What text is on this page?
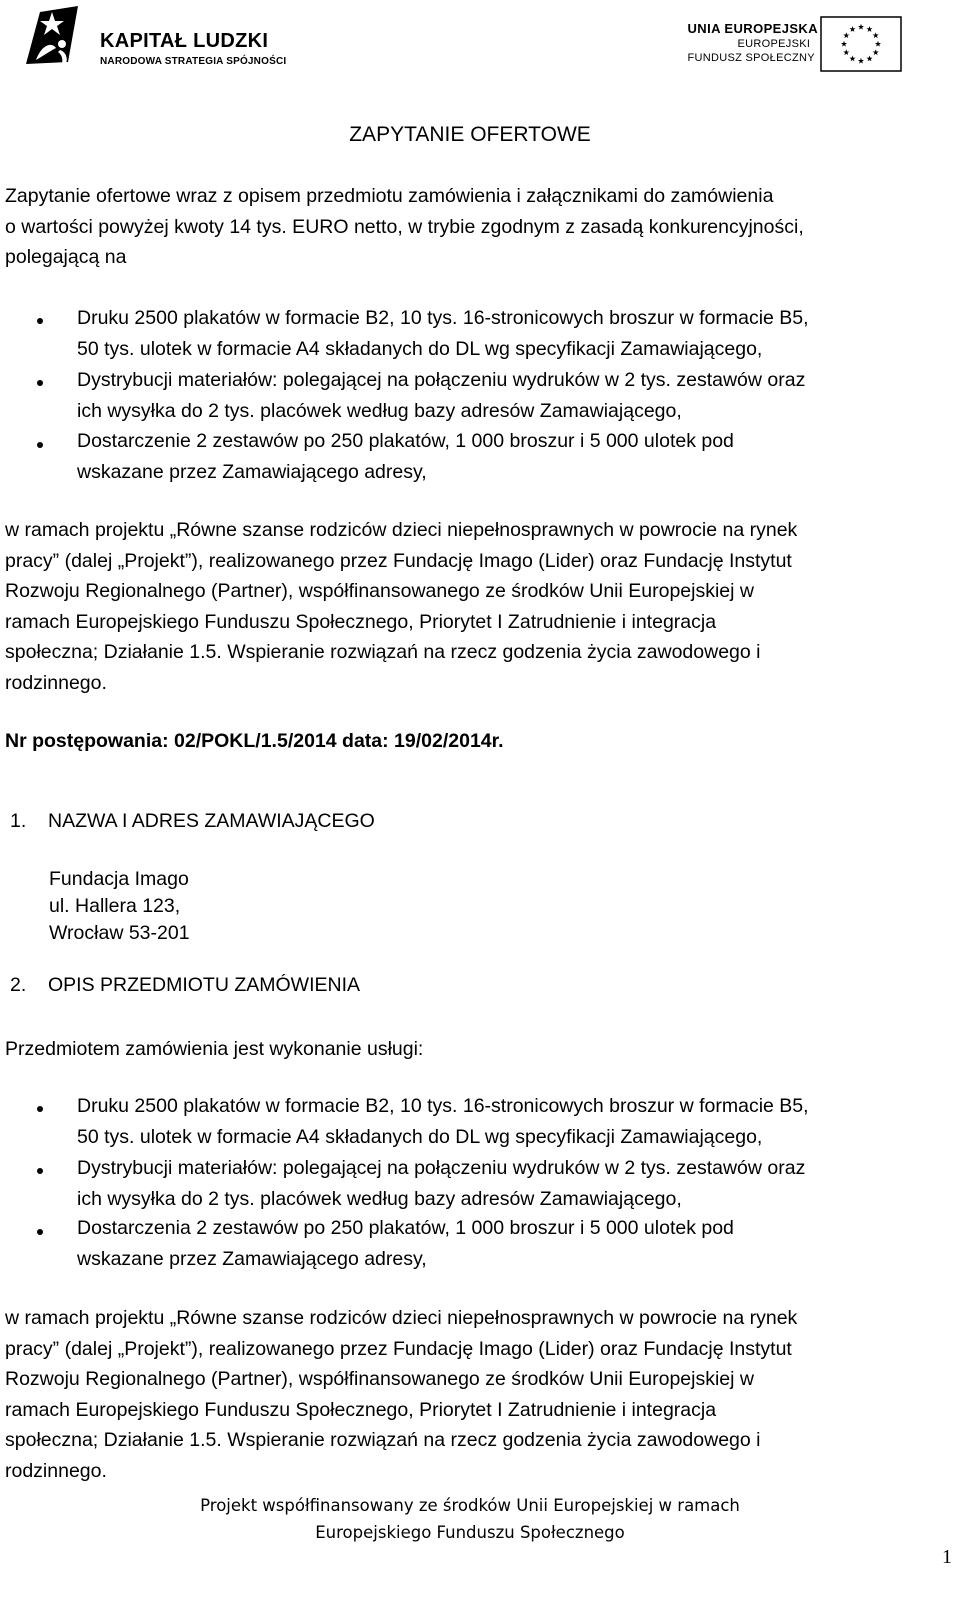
KAPITAŁ LUDZKI
NARODOWA STRATEGIA SPÓJNOŚCI
UNIA EUROPEJSKA
EUROPEJSKI
FUNDUSZ SPOŁECZNY
ZAPYTANIE OFERTOWE
Zapytanie ofertowe wraz z opisem przedmiotu zamówienia i załącznikami do zamówienia
o wartości powyżej kwoty 14 tys. EURO netto, w trybie zgodnym z zasadą konkurencyjności,
polegającą na
Druku 2500 plakatów w formacie B2, 10 tys. 16-stronicowych broszur w formacie B5,
50 tys. ulotek w formacie A4 składanych do DL wg specyfikacji Zamawiającego,
Dystrybucji materiałów: polegającej na połączeniu wydruków w 2 tys. zestawów oraz
ich wysyłka do 2 tys. placówek według bazy adresów Zamawiającego,
Dostarczenie 2 zestawów po 250 plakatów, 1 000 broszur i 5 000 ulotek pod
wskazane przez Zamawiającego adresy,
w ramach projektu „Równe szanse rodziców dzieci niepełnosprawnych w powrocie na rynek
pracy” (dalej „Projekt”), realizowanego przez Fundację Imago (Lider) oraz Fundację Instytut
Rozwoju Regionalnego (Partner), współfinansowanego ze środków Unii Europejskiej w
ramach Europejskiego Funduszu Społecznego, Priorytet I Zatrudnienie i integracja
społeczna; Działanie 1.5. Wspieranie rozwiązań na rzecz godzenia życia zawodowego i
rodzinnego.
Nr postępowania: 02/POKL/1.5/2014 data: 19/02/2014r.
1. NAZWA I ADRES ZAMAWIAJĄCEGO
Fundacja Imago
ul. Hallera 123,
Wrocław 53-201
2. OPIS PRZEDMIOTU ZAMÓWIENIA
Przedmiotem zamówienia jest wykonanie usługi:
Druku 2500 plakatów w formacie B2, 10 tys. 16-stronicowych broszur w formacie B5,
50 tys. ulotek w formacie A4 składanych do DL wg specyfikacji Zamawiającego,
Dystrybucji materiałów: polegającej na połączeniu wydruków w 2 tys. zestawów oraz
ich wysyłka do 2 tys. placówek według bazy adresów Zamawiającego,
Dostarczenia 2 zestawów po 250 plakatów, 1 000 broszur i 5 000 ulotek pod
wskazane przez Zamawiającego adresy,
w ramach projektu „Równe szanse rodziców dzieci niepełnosprawnych w powrocie na rynek
pracy” (dalej „Projekt”), realizowanego przez Fundację Imago (Lider) oraz Fundację Instytut
Rozwoju Regionalnego (Partner), współfinansowanego ze środków Unii Europejskiej w
ramach Europejskiego Funduszu Społecznego, Priorytet I Zatrudnienie i integracja
społeczna; Działanie 1.5. Wspieranie rozwiązań na rzecz godzenia życia zawodowego i
rodzinnego.
Projekt współfinansowany ze środków Unii Europejskiej w ramach
Europejskiego Funduszu Społecznego
1
